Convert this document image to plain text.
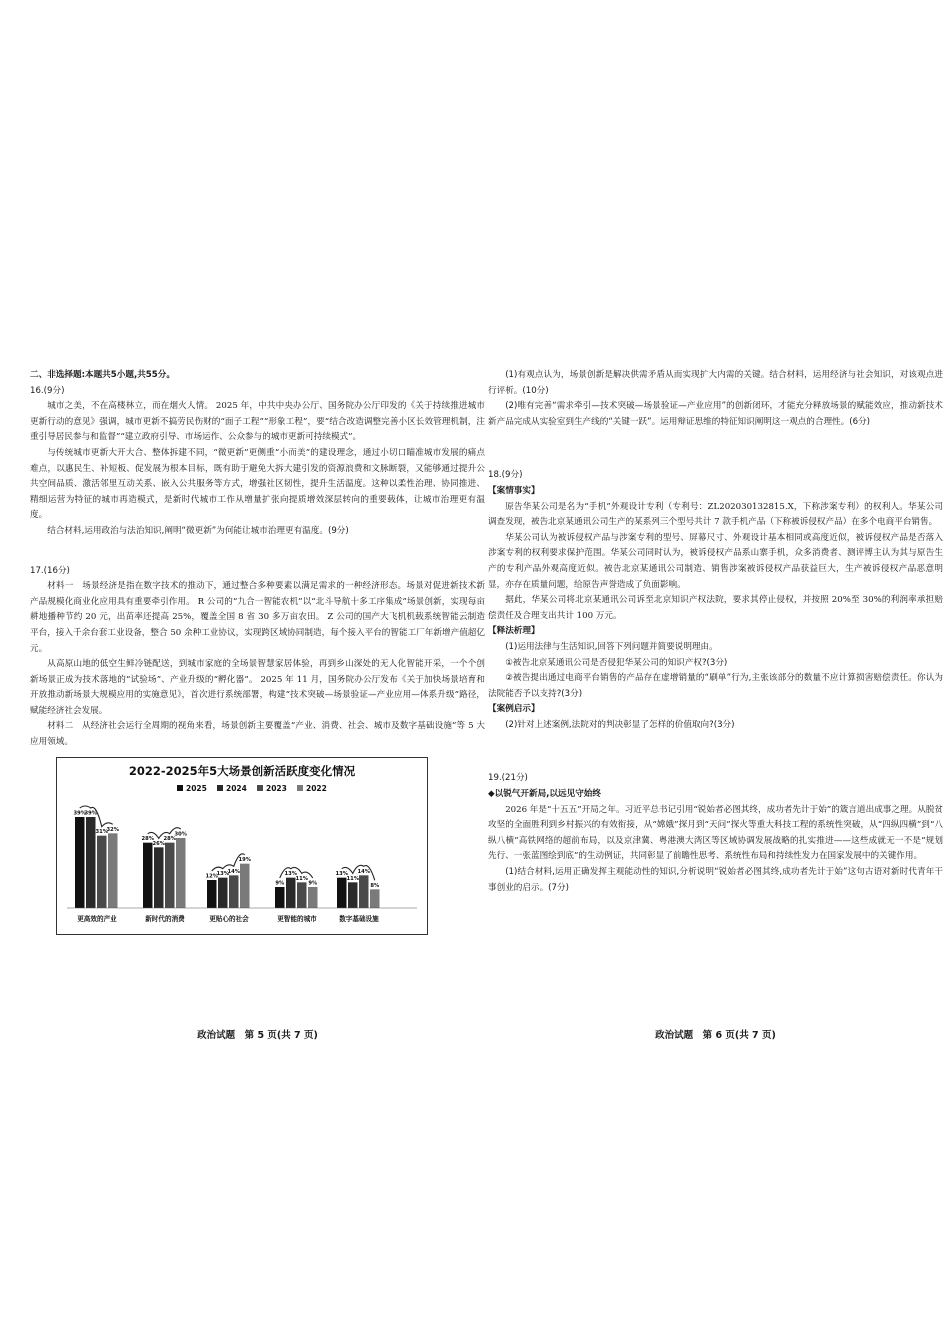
二、非选择题:本题共5小题,共55分。

16.(9分)

城市之美，不在高楼林立，而在烟火人情。 2025 年，中共中央办公厅、国务院办公厅印发的《关于持续推进城市更新行动的意见》强调，城市更新不搞劳民伤财的“面子工程”“形象工程”，要“结合改造调整完善小区长效管理机制，注重引导居民参与和监督”“建立政府引导、市场运作、公众参与的城市更新可持续模式”。

与传统城市更新大开大合、整体拆建不同，“微更新”更侧重“小而美”的建设理念，通过小切口瞄准城市发展的痛点难点，以惠民生、补短板、促发展为根本目标，既有助于避免大拆大建引发的资源浪费和文脉断裂，又能够通过提升公共空间品质、激活邻里互动关系、嵌入公共服务等方式，增强社区韧性，提升生活温度。这种以柔性治理、协同推进、精细运营为特征的城市再造模式，是新时代城市工作从增量扩张向提质增效深层转向的重要载体，让城市治理更有温度。

结合材料,运用政治与法治知识,阐明“微更新”为何能让城市治理更有温度。(9分)

17.(16分)

材料一　场景经济是指在数字技术的推动下，通过整合多种要素以满足需求的一种经济形态。场景对促进新技术新产品规模化商业化应用具有重要牵引作用。 R 公司的“九合一智能农机”以“北斗导航十多工序集成”场景创新，实现每亩耕地播种节约 20 元，出苗率还提高 25%，覆盖全国 8 省 30 多万亩农田。 Z 公司的国产大飞机机载系统智能云制造平台，接入千余台套工业设备，整合 50 余种工业协议，实现跨区域协同制造，每个接入平台的智能工厂年新增产值超亿元。

从高原山地的低空生鲜冷链配送，到城市家庭的全场景智慧家居体验，再到乡山深处的无人化智能开采，一个个创新场景正成为技术落地的“试验场”、产业升级的“孵化器”。 2025 年 11 月，国务院办公厅发布《关于加快场景培育和开放推动新场景大规模应用的实施意见》，首次进行系统部署，构建“技术突破—场景验证—产业应用—体系升级”路径，赋能经济社会发展。

材料二　从经济社会运行全周期的视角来看，场景创新主要覆盖“产业、消费、社会、城市及数字基础设施”等 5 大应用领域。

2022-2025年5大场景创新活跃度变化情况
2025	2024	2023	2022
39%
39%
31%
32%
28%
26%
28%
30%
12%
13%
14%
19%
9%
13%
11%
9%
13%
11%
14%
8%
更高效的产业	新时代的消费	更贴心的社会	更智能的城市	数字基础设施
政治试题　第 5 页(共 7 页)

(1)有观点认为，场景创新是解决供需矛盾从而实现扩大内需的关键。结合材料，运用经济与社会知识，对该观点进行评析。(10分)

(2)唯有完善“需求牵引—技术突破—场景验证—产业应用”的创新闭环，才能充分释放场景的赋能效应，推动新技术新产品完成从实验室到生产线的“关键一跃”。运用辩证思维的特征知识阐明这一观点的合理性。(6分)

18.(9分)

【案情事实】

原告华某公司是名为“手机”外观设计专利（专利号：ZL202030132815.X，下称涉案专利）的权利人。华某公司调查发现，被告北京某通讯公司生产的某系列三个型号共计 7 款手机产品（下称被诉侵权产品）在多个电商平台销售。

华某公司认为被诉侵权产品与涉案专利的型号、屏幕尺寸、外观设计基本相同或高度近似，被诉侵权产品是否落入涉案专利的权利要求保护范围。华某公司同时认为，被诉侵权产品系山寨手机，众多消费者、测评博主认为其与原告生产的专利产品外观高度近似。被告北京某通讯公司制造、销售涉案被诉侵权产品获益巨大，生产被诉侵权产品恶意明显，亦存在质量问题，给原告声誉造成了负面影响。

据此，华某公司将北京某通讯公司诉至北京知识产权法院，要求其停止侵权，并按照 20%至 30%的利润率承担赔偿责任及合理支出共计 100 万元。

【释法析理】

(1)运用法律与生活知识,回答下列问题并简要说明理由。

①被告北京某通讯公司是否侵犯华某公司的知识产权?(3分)

②被告提出通过电商平台销售的产品存在虚增销量的“刷单”行为,主张该部分的数量不应计算损害赔偿责任。你认为法院能否予以支持?(3分)

【案例启示】

(2)针对上述案例,法院对的判决彰显了怎样的价值取向?(3分)

19.(21分)

◆以锐气开新局,以远见守始终

2026 年是“十五五”开局之年。习近平总书记引用“锐始者必图其终，成功者先计于始”的箴言道出成事之理。从脱贫攻坚的全面胜利到乡村振兴的有效衔接，从“嫦娥”探月到“天问”探火等重大科技工程的系统性突破，从“四纵四横”到“八纵八横”高铁网络的超前布局，以及京津冀、粤港澳大湾区等区域协调发展战略的扎实推进——这些成就无一不是“规划先行、一张蓝图绘到底”的生动例证，共同彰显了前瞻性思考、系统性布局和持续性发力在国家发展中的关键作用。

(1)结合材料,运用正确发挥主观能动性的知识,分析说明“锐始者必图其终,成功者先计于始”这句古语对新时代青年干事创业的启示。(7分)

政治试题　第 6 页(共 7 页)
